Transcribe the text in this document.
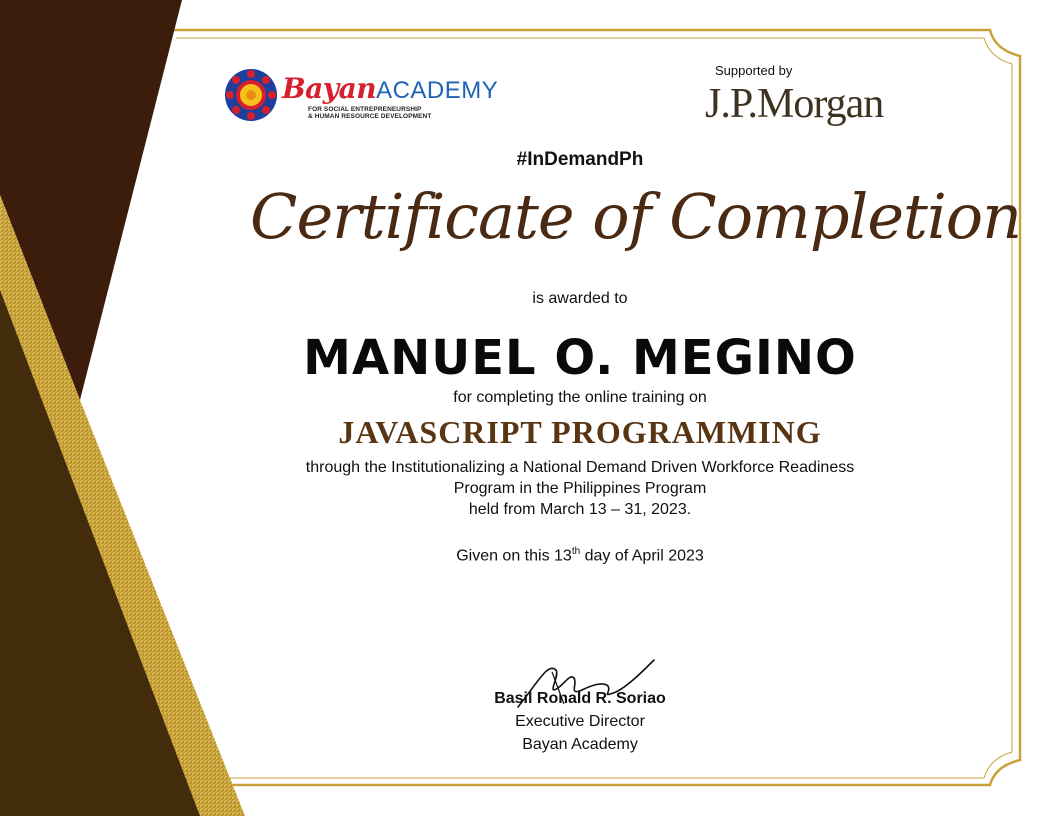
BayanACADEMY
FOR SOCIAL ENTREPRENEURSHIP
& HUMAN RESOURCE DEVELOPMENT
Supported by
J.P.Morgan
#InDemandPh
Certificate of Completion
is awarded to
MANUEL O. MEGINO
for completing the online training on
JAVASCRIPT PROGRAMMING
through the Institutionalizing a National Demand Driven Workforce Readiness
Program in the Philippines Program
held from March 13 – 31, 2023.
Given on this 13th day of April 2023
Basil Ronald R. Soriao
Executive Director
Bayan Academy
